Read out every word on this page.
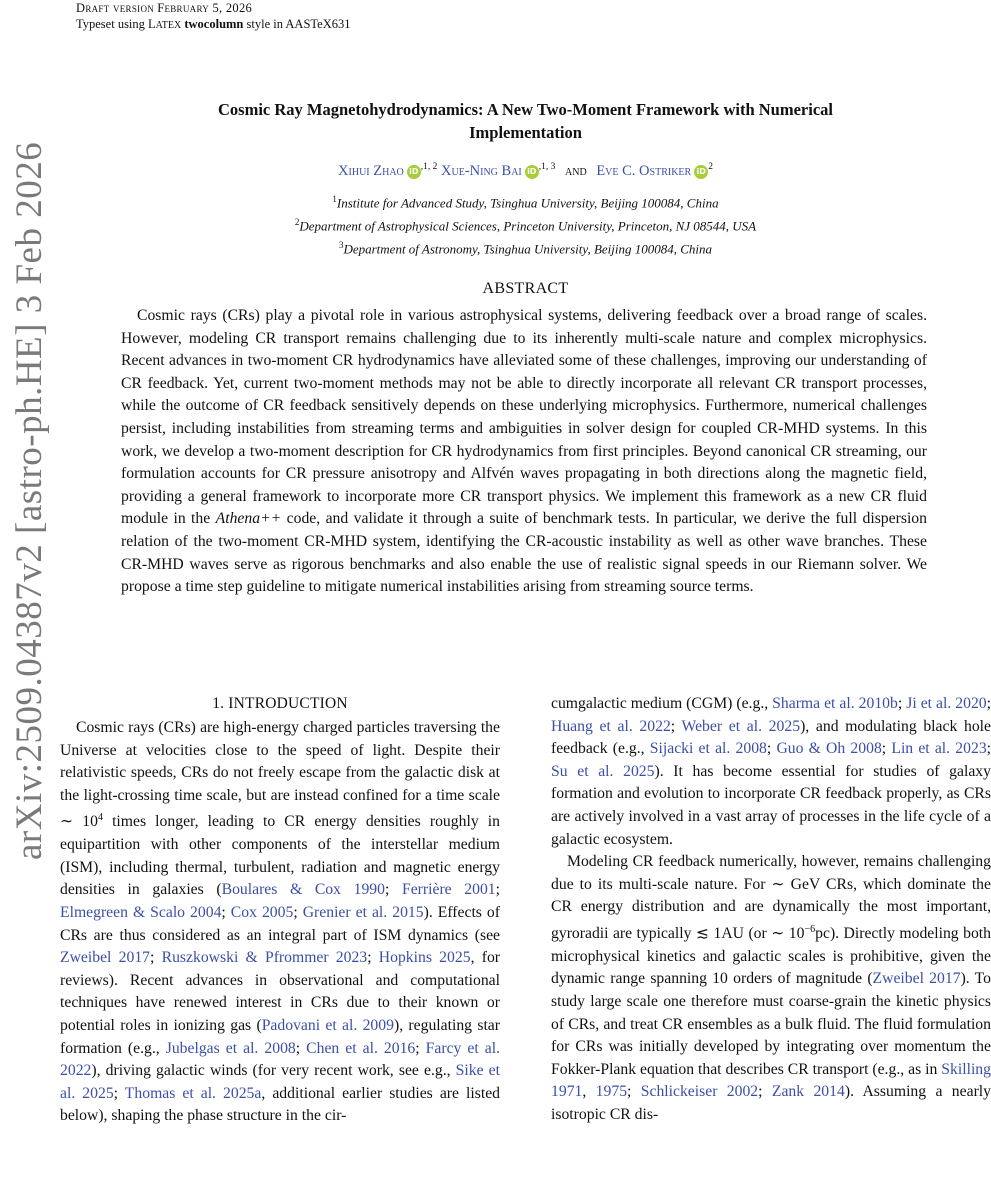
arXiv:2509.04387v2 [astro-ph.HE] 3 Feb 2026
Draft version February 5, 2026
Typeset using LATEX twocolumn style in AASTeX631
Cosmic Ray Magnetohydrodynamics: A New Two-Moment Framework with Numerical
Implementation
Xihui Zhao iD $^{,1, 2}$ Xue-Ning Bai iD $^{,1, 3}$ and Eve C. Ostriker iD $^2$
$^1$Institute for Advanced Study, Tsinghua University, Beijing 100084, China
$^2$Department of Astrophysical Sciences, Princeton University, Princeton, NJ 08544, USA
$^3$Department of Astronomy, Tsinghua University, Beijing 100084, China
ABSTRACT

Cosmic rays (CRs) play a pivotal role in various astrophysical systems, delivering feedback over a broad range of scales. However, modeling CR transport remains challenging due to its inherently multi-scale nature and complex microphysics. Recent advances in two-moment CR hydrodynamics have alleviated some of these challenges, improving our understanding of CR feedback. Yet, current two-moment methods may not be able to directly incorporate all relevant CR transport processes, while the outcome of CR feedback sensitively depends on these underlying microphysics. Furthermore, numerical challenges persist, including instabilities from streaming terms and ambiguities in solver design for coupled CR-MHD systems. In this work, we develop a two-moment description for CR hydrodynamics from first principles. Beyond canonical CR streaming, our formulation accounts for CR pressure anisotropy and Alfvén waves propagating in both directions along the magnetic field, providing a general framework to incorporate more CR transport physics. We implement this framework as a new CR fluid module in the Athena++ code, and validate it through a suite of benchmark tests. In particular, we derive the full dispersion relation of the two-moment CR-MHD system, identifying the CR-acoustic instability as well as other wave branches. These CR-MHD waves serve as rigorous benchmarks and also enable the use of realistic signal speeds in our Riemann solver. We propose a time step guideline to mitigate numerical instabilities arising from streaming source terms.

1. INTRODUCTION

Cosmic rays (CRs) are high-energy charged particles traversing the Universe at velocities close to the speed of light. Despite their relativistic speeds, CRs do not freely escape from the galactic disk at the light-crossing time scale, but are instead confined for a time scale ∼ $10^4$ times longer, leading to CR energy densities roughly in equipartition with other components of the interstellar medium (ISM), including thermal, turbulent, radiation and magnetic energy densities in galaxies (Boulares & Cox 1990; Ferrière 2001; Elmegreen & Scalo 2004; Cox 2005; Grenier et al. 2015). Effects of CRs are thus considered as an integral part of ISM dynamics (see Zweibel 2017; Ruszkowski & Pfrommer 2023; Hopkins 2025, for reviews). Recent advances in observational and computational techniques have renewed interest in CRs due to their known or potential roles in ionizing gas (Padovani et al. 2009), regulating star formation (e.g., Jubelgas et al. 2008; Chen et al. 2016; Farcy et al. 2022), driving galactic winds (for very recent work, see e.g., Sike et al. 2025; Thomas et al. 2025a, additional earlier studies are listed below), shaping the phase structure in the cir-

cumgalactic medium (CGM) (e.g., Sharma et al. 2010b; Ji et al. 2020; Huang et al. 2022; Weber et al. 2025), and modulating black hole feedback (e.g., Sijacki et al. 2008; Guo & Oh 2008; Lin et al. 2023; Su et al. 2025). It has become essential for studies of galaxy formation and evolution to incorporate CR feedback properly, as CRs are actively involved in a vast array of processes in the life cycle of a galactic ecosystem.

Modeling CR feedback numerically, however, remains challenging due to its multi-scale nature. For ∼ GeV CRs, which dominate the CR energy distribution and are dynamically the most important, gyroradii are typically ≲ 1AU (or ∼ $10^{-6}pc$). Directly modeling both microphysical kinetics and galactic scales is prohibitive, given the dynamic range spanning 10 orders of magnitude (Zweibel 2017). To study large scale one therefore must coarse-grain the kinetic physics of CRs, and treat CR ensembles as a bulk fluid. The fluid formulation for CRs was initially developed by integrating over momentum the Fokker-Plank equation that describes CR transport (e.g., as in Skilling 1971, 1975; Schlickeiser 2002; Zank 2014). Assuming a nearly isotropic CR dis-
